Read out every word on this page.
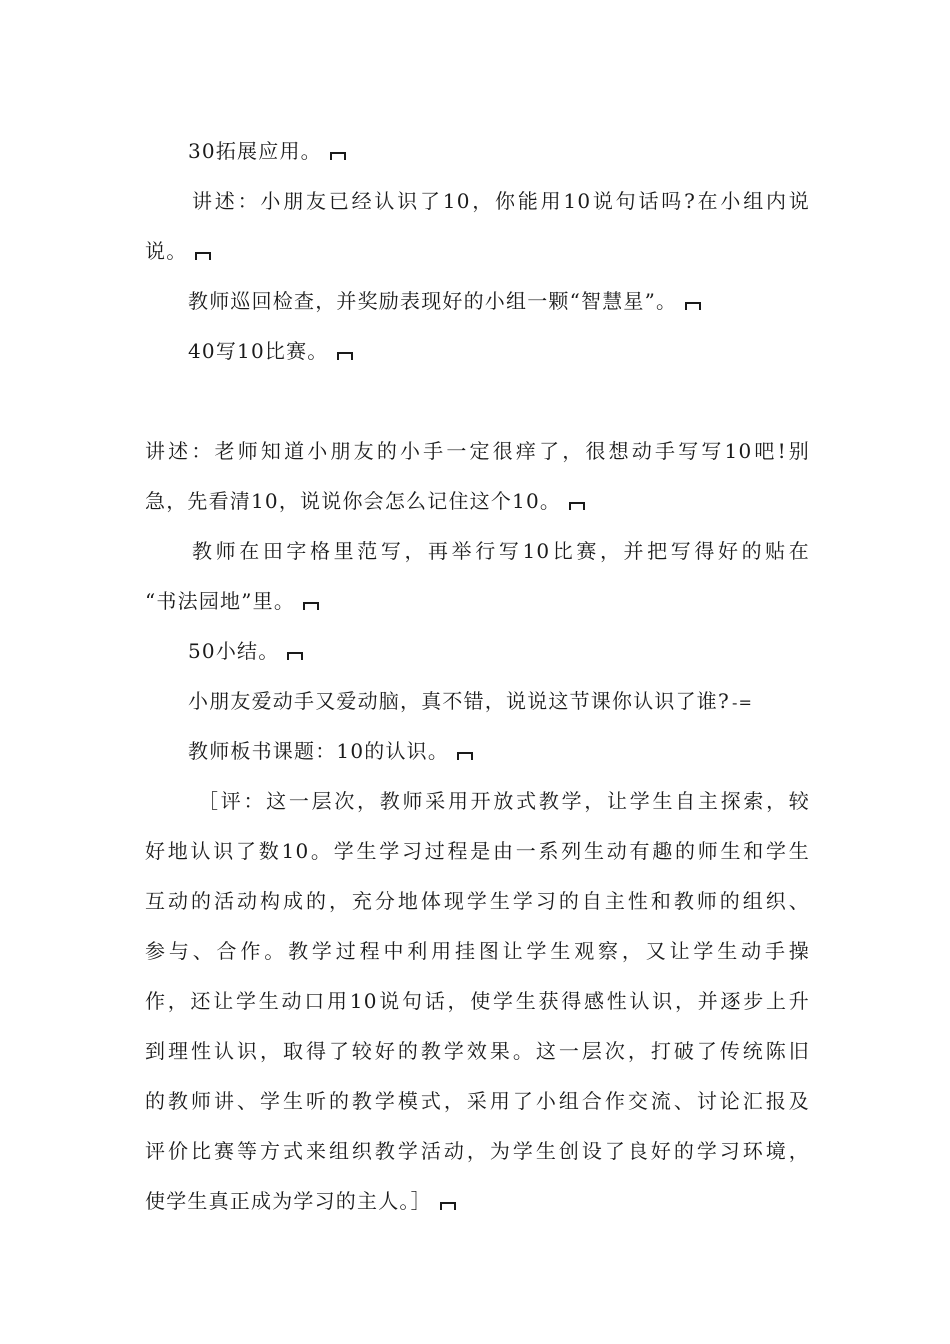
30拓展应用。
讲述：小朋友已经认识了10，你能用10说句话吗?在小组内说
说。
教师巡回检查，并奖励表现好的小组一颗“智慧星”。
40写10比赛。
讲述：老师知道小朋友的小手一定很痒了，很想动手写写10吧!别
急，先看清10，说说你会怎么记住这个10。
教师在田字格里范写，再举行写10比赛，并把写得好的贴在
“书法园地”里。
50小结。
小朋友爱动手又爱动脑，真不错，说说这节课你认识了谁? -=
教师板书课题：10的认识。
［评：这一层次，教师采用开放式教学，让学生自主探索，较
好地认识了数10。学生学习过程是由一系列生动有趣的师生和学生
互动的活动构成的，充分地体现学生学习的自主性和教师的组织、
参与、合作。教学过程中利用挂图让学生观察，又让学生动手操
作，还让学生动口用10说句话，使学生获得感性认识，并逐步上升
到理性认识，取得了较好的教学效果。这一层次，打破了传统陈旧
的教师讲、学生听的教学模式，采用了小组合作交流、讨论汇报及
评价比赛等方式来组织教学活动，为学生创设了良好的学习环境，
使学生真正成为学习的主人。］
